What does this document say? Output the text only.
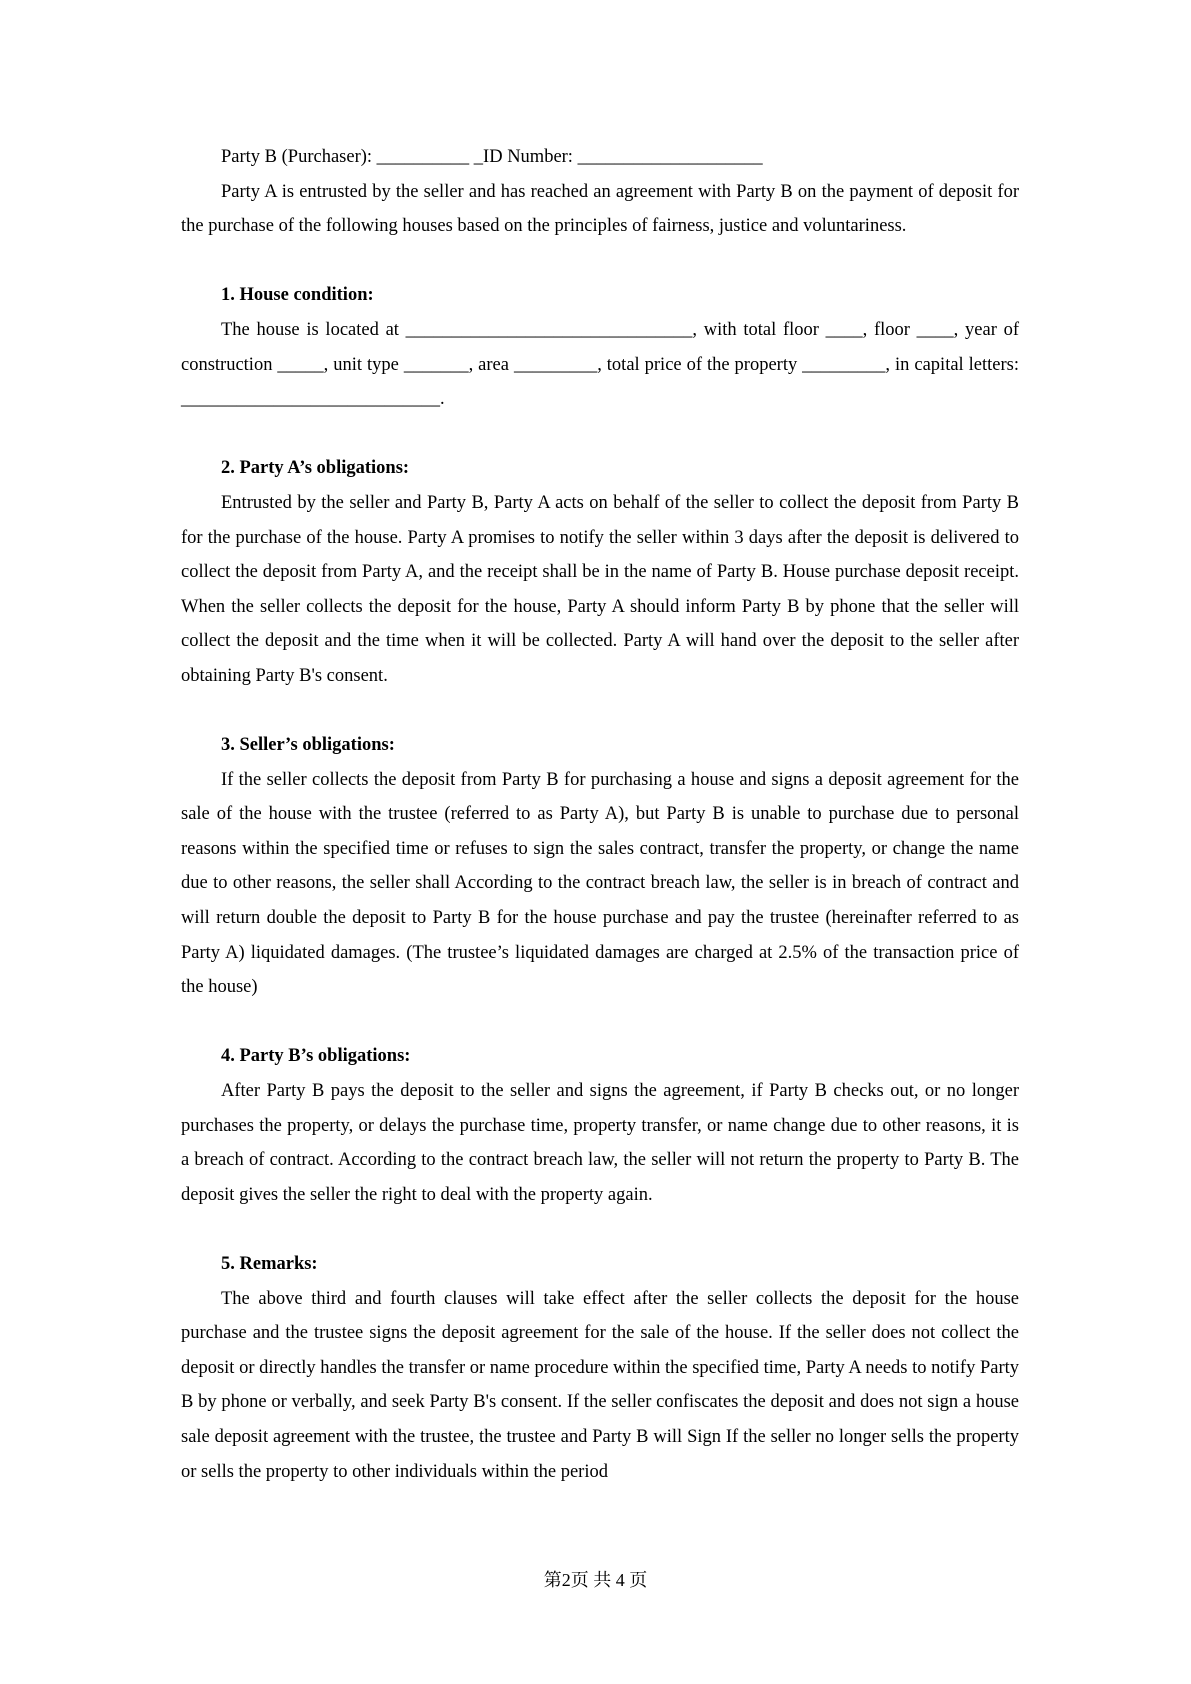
Party B (Purchaser): __________ _ID Number: ____________________

Party A is entrusted by the seller and has reached an agreement with Party B on the payment of deposit for the purchase of the following houses based on the principles of fairness, justice and voluntariness.

1. House condition:

The house is located at _______________________________, with total floor ____, floor ____, year of construction _____, unit type _______, area _________, total price of the property _________, in capital letters: ____________________________.

2. Party A’s obligations:

Entrusted by the seller and Party B, Party A acts on behalf of the seller to collect the deposit from Party B for the purchase of the house. Party A promises to notify the seller within 3 days after the deposit is delivered to collect the deposit from Party A, and the receipt shall be in the name of Party B. House purchase deposit receipt. When the seller collects the deposit for the house, Party A should inform Party B by phone that the seller will collect the deposit and the time when it will be collected. Party A will hand over the deposit to the seller after obtaining Party B's consent.

3. Seller’s obligations:

If the seller collects the deposit from Party B for purchasing a house and signs a deposit agreement for the sale of the house with the trustee (referred to as Party A), but Party B is unable to purchase due to personal reasons within the specified time or refuses to sign the sales contract, transfer the property, or change the name due to other reasons, the seller shall According to the contract breach law, the seller is in breach of contract and will return double the deposit to Party B for the house purchase and pay the trustee (hereinafter referred to as Party A) liquidated damages. (The trustee’s liquidated damages are charged at 2.5% of the transaction price of the house)

4. Party B’s obligations:

After Party B pays the deposit to the seller and signs the agreement, if Party B checks out, or no longer purchases the property, or delays the purchase time, property transfer, or name change due to other reasons, it is a breach of contract. According to the contract breach law, the seller will not return the property to Party B. The deposit gives the seller the right to deal with the property again.

5. Remarks:

The above third and fourth clauses will take effect after the seller collects the deposit for the house purchase and the trustee signs the deposit agreement for the sale of the house. If the seller does not collect the deposit or directly handles the transfer or name procedure within the specified time, Party A needs to notify Party B by phone or verbally, and seek Party B's consent. If the seller confiscates the deposit and does not sign a house sale deposit agreement with the trustee, the trustee and Party B will Sign If the seller no longer sells the property or sells the property to other individuals within the period

第2页 共 4 页
